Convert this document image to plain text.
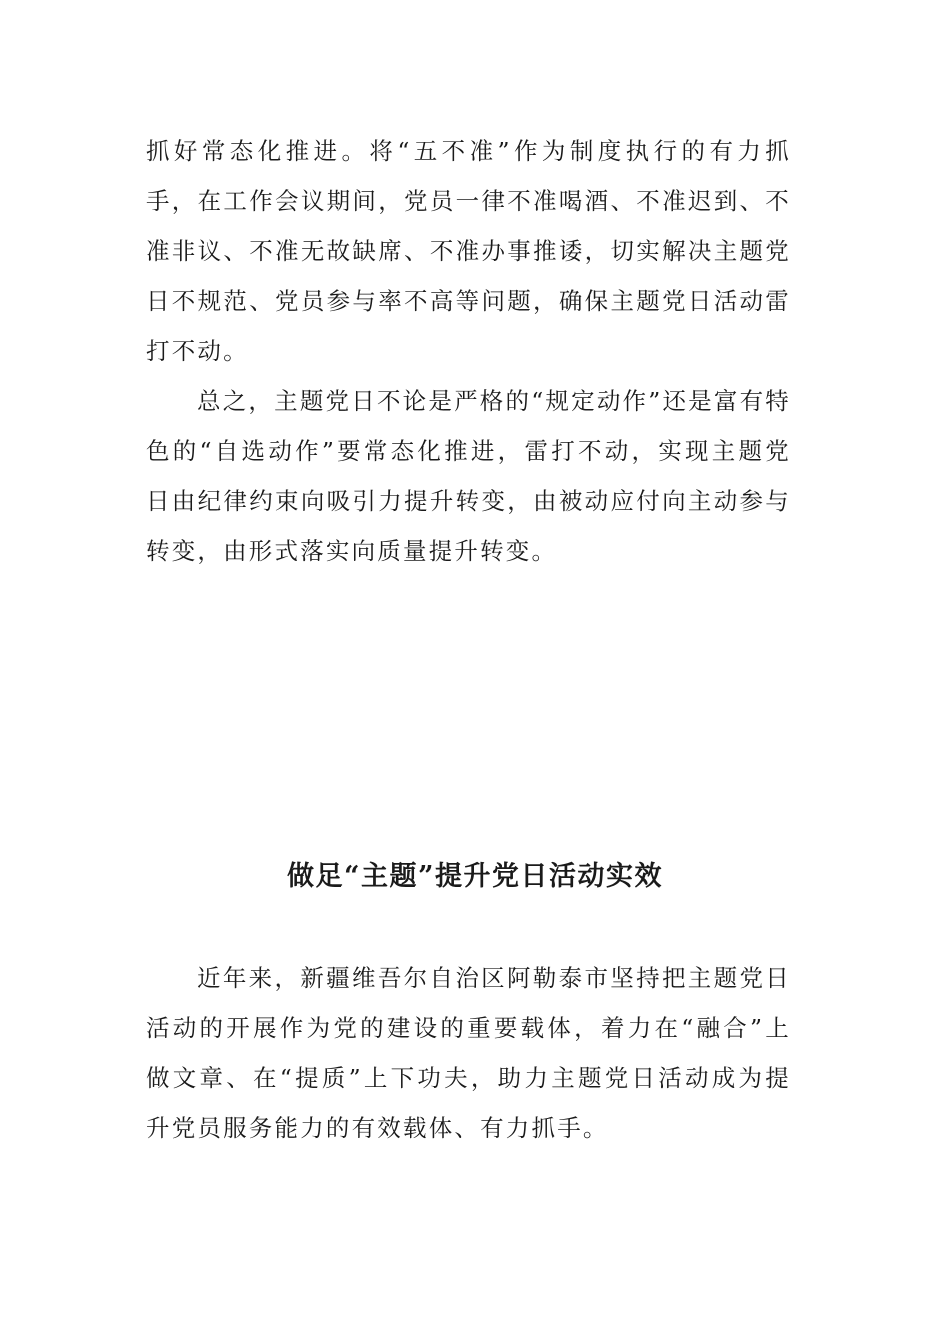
抓好常态化推进。将“五不准”作为制度执行的有力抓手，在工作会议期间，党员一律不准喝酒、不准迟到、不准非议、不准无故缺席、不准办事推诿，切实解决主题党日不规范、党员参与率不高等问题，确保主题党日活动雷打不动。

总之，主题党日不论是严格的“规定动作”还是富有特色的“自选动作”要常态化推进，雷打不动，实现主题党日由纪律约束向吸引力提升转变，由被动应付向主动参与转变，由形式落实向质量提升转变。

做足“主题”提升党日活动实效

近年来，新疆维吾尔自治区阿勒泰市坚持把主题党日活动的开展作为党的建设的重要载体，着力在“融合”上做文章、在“提质”上下功夫，助力主题党日活动成为提升党员服务能力的有效载体、有力抓手。
